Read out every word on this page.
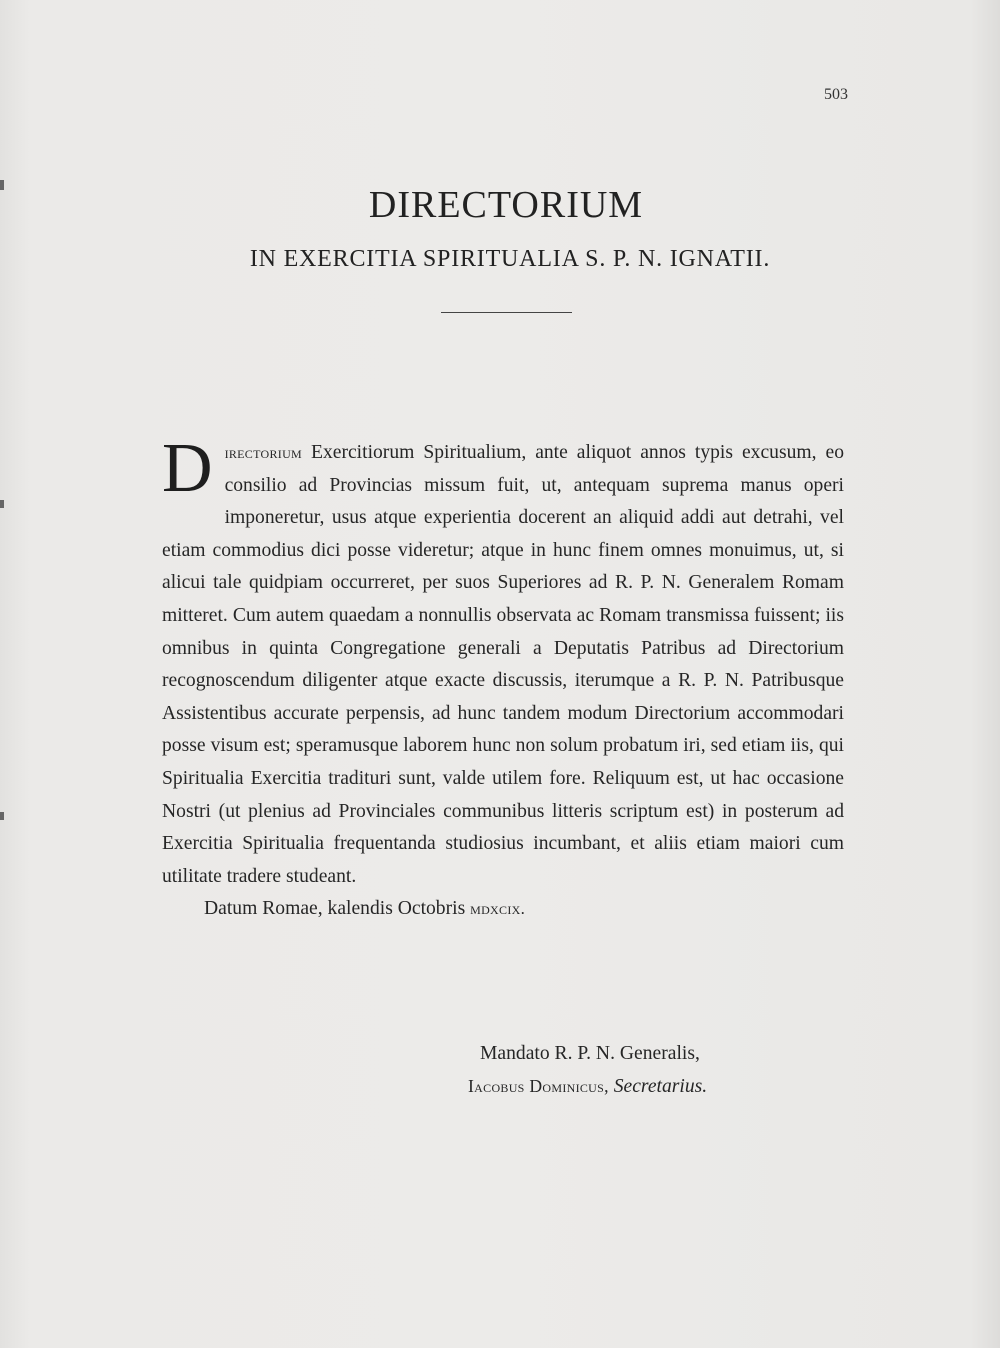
503
DIRECTORIUM
IN EXERCITIA SPIRITUALIA S. P. N. IGNATII.

Directorium Exercitiorum Spiritualium, ante aliquot annos typis excusum, eo consilio ad Provincias missum fuit, ut, antequam suprema manus operi imponeretur, usus atque experientia docerent an aliquid addi aut detrahi, vel etiam commodius dici posse videretur; atque in hunc finem omnes monuimus, ut, si alicui tale quidpiam occurreret, per suos Superiores ad R. P. N. Generalem Romam mitteret. Cum autem quaedam a nonnullis observata ac Romam transmissa fuissent; iis omnibus in quinta Congregatione generali a Deputatis Patribus ad Directorium recognoscendum diligenter atque exacte discussis, iterumque a R. P. N. Patribusque Assistentibus accurate perpensis, ad hunc tandem modum Directorium accommodari posse visum est; speramusque laborem hunc non solum probatum iri, sed etiam iis, qui Spiritualia Exercitia tradituri sunt, valde utilem fore. Reliquum est, ut hac occasione Nostri (ut plenius ad Provinciales communibus litteris scriptum est) in posterum ad Exercitia Spiritualia frequentanda studiosius incumbant, et aliis etiam maiori cum utilitate tradere studeant.

Datum Romae, kalendis Octobris mdxcix.

Mandato R. P. N. Generalis,
Iacobus Dominicus, Secretarius.
